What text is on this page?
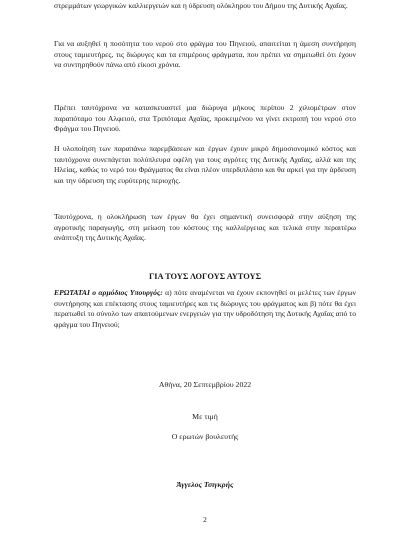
στρεμμάτων γεωργικών καλλιεργειών και η ύδρευση ολόκληρου του Δήμου της Δυτικής Αχαΐας.

Για να αυξηθεί η ποσότητα του νερού στο φράγμα του Πηνειού, απαιτείται η άμεση συντήρηση στους ταμιευτήρες, τις διώρυγες και τα επιμέρους φράγματα, που πρέπει να σημειωθεί ότι έχουν να συντηρηθούν πάνω από είκοσι χρόνια.

Πρέπει ταυτόχρονα να κατασκευαστεί μια διώρυγα μήκους περίπου 2 χιλιομέτρων στον παραπόταμο του Αλφειού, στα Τριπόταμα Αχαΐας, προκειμένου να γίνει εκτροπή του νερού στο Φράγμα του Πηνειού.

Η υλοποίηση των παραπάνω παρεμβάσεων και έργων έχουν μικρό δημοσιονομικό κόστος και ταυτόχρονα συνεπάγεται πολύπλευρα οφέλη για τους αγρότες της Δυτικής Αχαΐας, αλλά και της Ηλείας, καθώς το νερό του Φράγματος θα είναι πλέον υπερδιπλάσιο και θα αρκεί για την άρδευση και την ύδρευση της ευρύτερης περιοχής.

Ταυτόχρονα, η ολοκλήρωση των έργων θα έχει σημαντική συνεισφορά στην αύξηση της αγροτικής παραγωγής, στη μείωση του κόστους της καλλιέργειας και τελικά στην περαιτέρω ανάπτυξη της Δυτικής Αχαΐας.

ΓΙΑ ΤΟΥΣ ΛΟΓΟΥΣ ΑΥΤΟΥΣ

ΕΡΩΤΑΤΑΙ ο αρμόδιος Υπουργός: α) πότε αναμένεται να έχουν εκπονηθεί οι μελέτες των έργων συντήρησης και επέκτασης στους ταμιευτήρες και τις διώρυγες του φράγματος και β) πότε θα έχει περατωθεί το σύνολο των απαιτούμενων ενεργειών για την υδροδότηση της Δυτικής Αχαΐας από το φράγμα του Πηνειού;

Αθήνα, 20 Σεπτεμβρίου 2022

Με τιμή

Ο ερωτών βουλευτής

Άγγελος Τσιγκρής

2
